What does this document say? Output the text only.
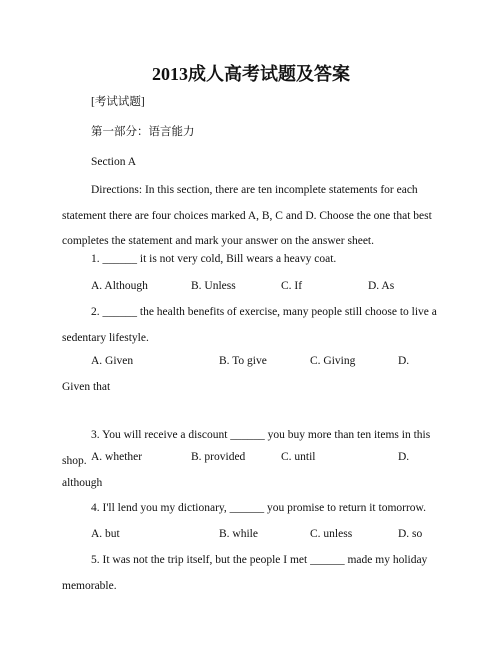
2013成人高考试题及答案

[考试试题]

第一部分：语言能力

Section A

Directions: In this section, there are ten incomplete statements for each statement there are four choices marked A, B, C and D. Choose the one that best completes the statement and mark your answer on the answer sheet.

1. ______ it is not very cold, Bill wears a heavy coat.

A. Although	B. Unless	C. If	D. As

2. ______ the health benefits of exercise, many people still choose to live a sedentary lifestyle.

A. Given	B. To give	C. Giving	D. Given that

3. You will receive a discount ______ you buy more than ten items in this shop. A. whether	B. provided	C. until	D. although

4. I'll lend you my dictionary, ______ you promise to return it tomorrow.

A. but	B. while	C. unless	D. so

5. It was not the trip itself, but the people I met ______ made my holiday memorable.
